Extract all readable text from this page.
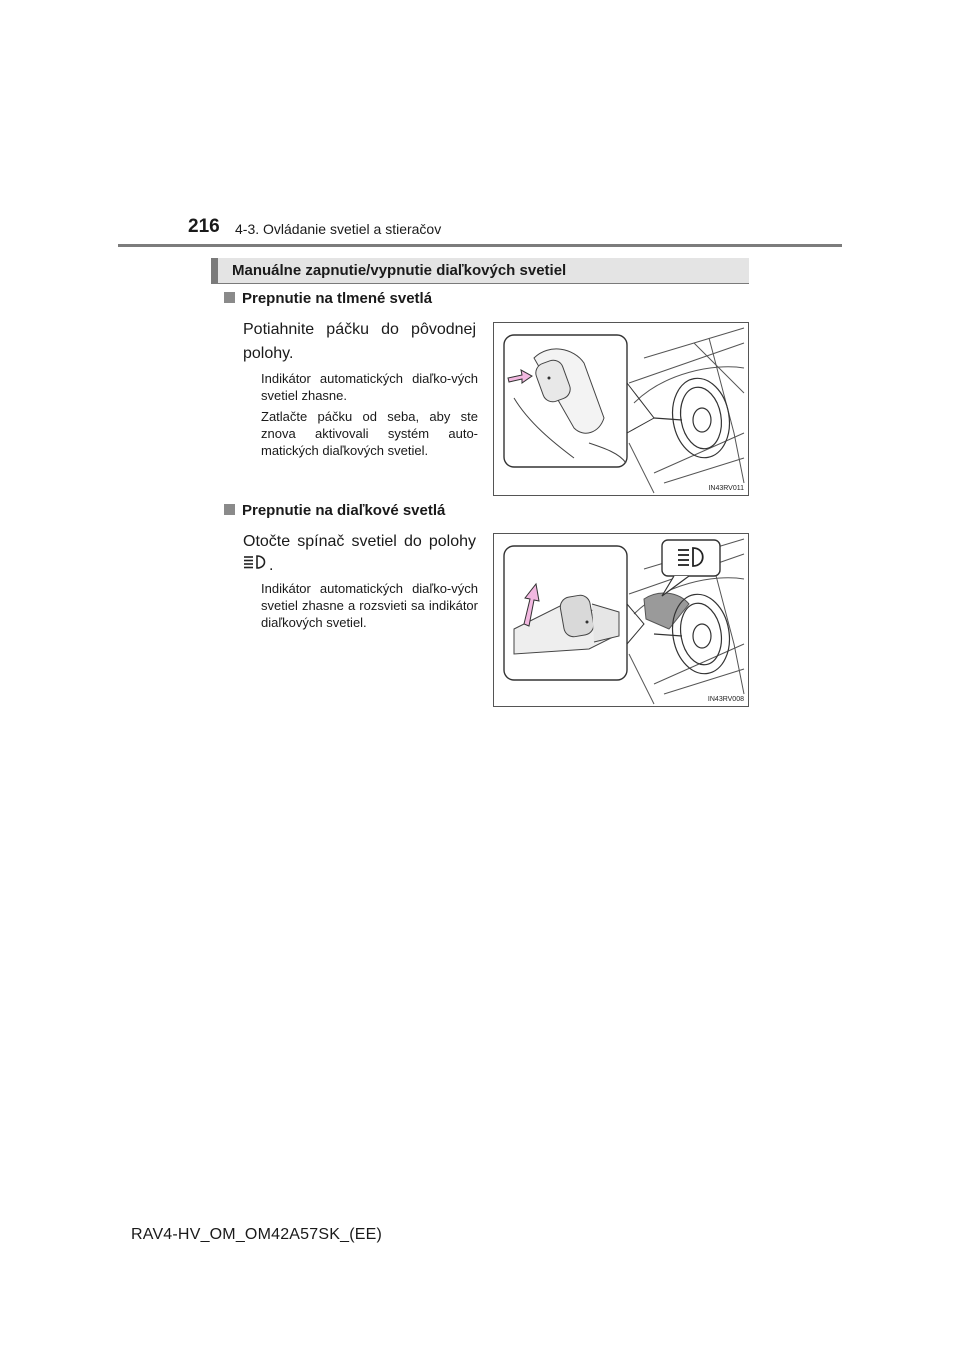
216 4-3. Ovládanie svetiel a stieračov
Manuálne zapnutie/vypnutie diaľkových svetiel
Prepnutie na tlmené svetlá
Potiahnite páčku do pôvodnej polohy.
Indikátor automatických diaľko-vých svetiel zhasne.
Zatlačte páčku od seba, aby ste znova aktivovali systém auto-matických diaľkových svetiel.
IN43RV011
Prepnutie na diaľkové svetlá
Otočte spínač svetiel do polohy .
Indikátor automatických diaľko-vých svetiel zhasne a rozsvieti sa indikátor diaľkových svetiel.
IN43RV008
RAV4-HV_OM_OM42A57SK_(EE)
